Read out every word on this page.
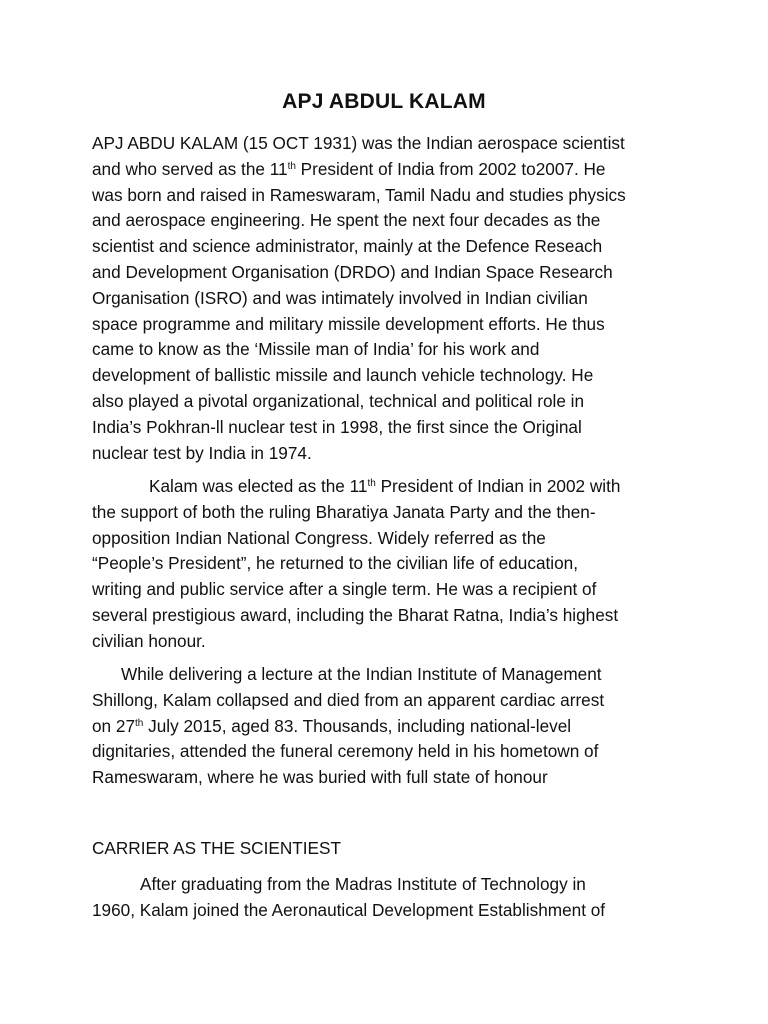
APJ ABDUL KALAM
APJ ABDU KALAM (15 OCT 1931) was the Indian aerospace scientist
and who served as the 11th President of India from 2002 to2007. He
was born and raised in Rameswaram, Tamil Nadu and studies physics
and aerospace engineering. He spent the next four decades as the
scientist and science administrator, mainly at the Defence Reseach
and Development Organisation (DRDO) and Indian Space Research
Organisation (ISRO) and was intimately involved in Indian civilian
space programme and military missile development efforts. He thus
came to know as the ‘Missile man of India’ for his work and
development of ballistic missile and launch vehicle technology. He
also played a pivotal organizational, technical and political role in
India’s Pokhran-ll nuclear test in 1998, the first since the Original
nuclear test by India in 1974.
Kalam was elected as the 11th President of Indian in 2002 with
the support of both the ruling Bharatiya Janata Party and the then-
opposition Indian National Congress. Widely referred as the
“People’s President”, he returned to the civilian life of education,
writing and public service after a single term. He was a recipient of
several prestigious award, including the Bharat Ratna, India’s highest
civilian honour.
While delivering a lecture at the Indian Institute of Management
Shillong, Kalam collapsed and died from an apparent cardiac arrest
on 27th July 2015, aged 83. Thousands, including national-level
dignitaries, attended the funeral ceremony held in his hometown of
Rameswaram, where he was buried with full state of honour
CARRIER AS THE SCIENTIEST
After graduating from the Madras Institute of Technology in
1960, Kalam joined the Aeronautical Development Establishment of
